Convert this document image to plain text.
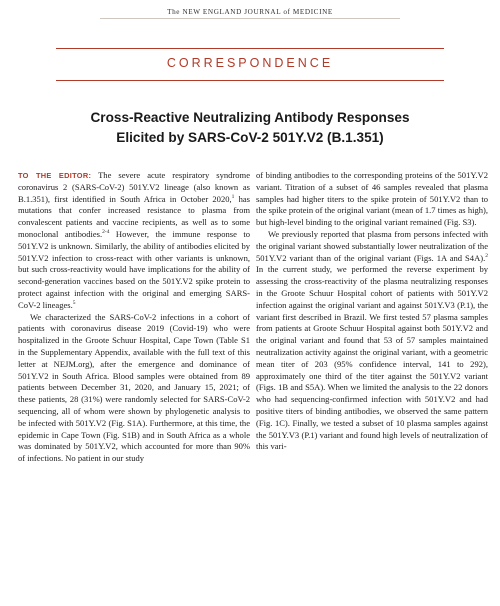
The NEW ENGLAND JOURNAL of MEDICINE
CORRESPONDENCE
Cross-Reactive Neutralizing Antibody Responses
Elicited by SARS-CoV-2 501Y.V2 (B.1.351)

TO THE EDITOR: The severe acute respiratory syndrome coronavirus 2 (SARS-CoV-2) 501Y.V2 lineage (also known as B.1.351), first identified in South Africa in October 2020,$^1$ has mutations that confer increased resistance to plasma from convalescent patients and vaccine recipients, as well as to some monoclonal antibodies.$^{2-4}$ However, the immune response to 501Y.V2 is unknown. Similarly, the ability of antibodies elicited by 501Y.V2 infection to cross-react with other variants is unknown, but such cross-reactivity would have implications for the ability of second-generation vaccines based on the 501Y.V2 spike protein to protect against infection with the original and emerging SARS-CoV-2 lineages.$^5$

We characterized the SARS-CoV-2 infections in a cohort of patients with coronavirus disease 2019 (Covid-19) who were hospitalized in the Groote Schuur Hospital, Cape Town (Table S1 in the Supplementary Appendix, available with the full text of this letter at NEJM.org), after the emergence and dominance of 501Y.V2 in South Africa. Blood samples were obtained from 89 patients between December 31, 2020, and January 15, 2021; of these patients, 28 (31%) were randomly selected for SARS-CoV-2 sequencing, all of whom were shown by phylogenetic analysis to be infected with 501Y.V2 (Fig. S1A). Furthermore, at this time, the epidemic in Cape Town (Fig. S1B) and in South Africa as a whole was dominated by 501Y.V2, which accounted for more than 90% of infections. No patient in our study

of binding antibodies to the corresponding proteins of the 501Y.V2 variant. Titration of a subset of 46 samples revealed that plasma samples had higher titers to the spike protein of 501Y.V2 than to the spike protein of the original variant (mean of 1.7 times as high), but high-level binding to the original variant remained (Fig. S3).

We previously reported that plasma from persons infected with the original variant showed substantially lower neutralization of the 501Y.V2 variant than of the original variant (Figs. 1A and S4A).$^2$ In the current study, we performed the reverse experiment by assessing the cross-reactivity of the plasma neutralizing responses in the Groote Schuur Hospital cohort of patients with 501Y.V2 infection against the original variant and against 501Y.V3 (P.1), the variant first described in Brazil. We first tested 57 plasma samples from patients at Groote Schuur Hospital against both 501Y.V2 and the original variant and found that 53 of 57 samples maintained neutralization activity against the original variant, with a geometric mean titer of 203 (95% confidence interval, 141 to 292), approximately one third of the titer against the 501Y.V2 variant (Figs. 1B and S5A). When we limited the analysis to the 22 donors who had sequencing-confirmed infection with 501Y.V2 and had positive titers of binding antibodies, we observed the same pattern (Fig. 1C). Finally, we tested a subset of 10 plasma samples against the 501Y.V3 (P.1) variant and found high levels of neutralization of this vari-
